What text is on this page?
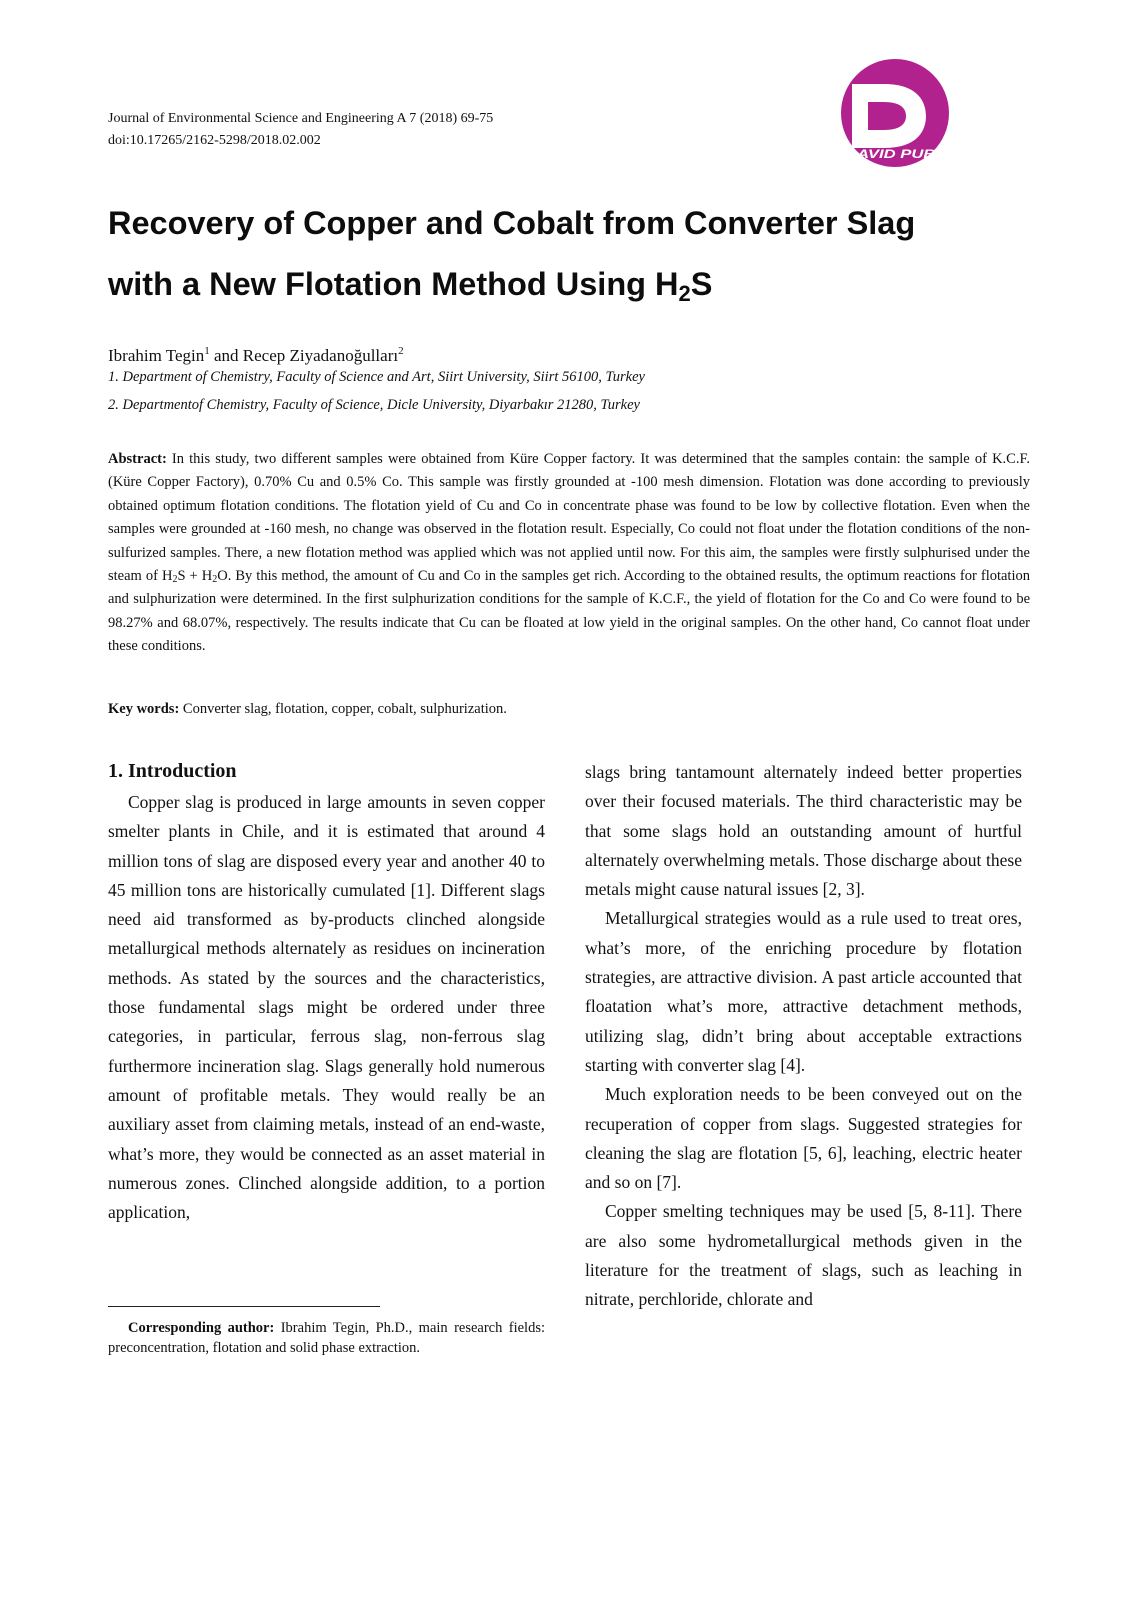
Journal of Environmental Science and Engineering A 7 (2018) 69-75
doi:10.17265/2162-5298/2018.02.002
DAVID PUBLISHING
Recovery of Copper and Cobalt from Converter Slag
with a New Flotation Method Using $H_2S$
Ibrahim Tegin$^1$ and Recep Ziyadanoğulları$^2$
1. Department of Chemistry, Faculty of Science and Art, Siirt University, Siirt 56100, Turkey
2. Departmentof Chemistry, Faculty of Science, Dicle University, Diyarbakır 21280, Turkey

Abstract: In this study, two different samples were obtained from Küre Copper factory. It was determined that the samples contain: the sample of K.C.F. (Küre Copper Factory), 0.70% Cu and 0.5% Co. This sample was firstly grounded at -100 mesh dimension. Flotation was done according to previously obtained optimum flotation conditions. The flotation yield of Cu and Co in concentrate phase was found to be low by collective flotation. Even when the samples were grounded at -160 mesh, no change was observed in the flotation result. Especially, Co could not float under the flotation conditions of the non-sulfurized samples. There, a new flotation method was applied which was not applied until now. For this aim, the samples were firstly sulphurised under the steam of $H_2S + H_2O$. By this method, the amount of Cu and Co in the samples get rich. According to the obtained results, the optimum reactions for flotation and sulphurization were determined. In the first sulphurization conditions for the sample of K.C.F., the yield of flotation for the Co and Co were found to be 98.27% and 68.07%, respectively. The results indicate that Cu can be floated at low yield in the original samples. On the other hand, Co cannot float under these conditions.

Key words: Converter slag, flotation, copper, cobalt, sulphurization.
1. Introduction

Copper slag is produced in large amounts in seven copper smelter plants in Chile, and it is estimated that around 4 million tons of slag are disposed every year and another 40 to 45 million tons are historically cumulated [1]. Different slags need aid transformed as by-products clinched alongside metallurgical methods alternately as residues on incineration methods. As stated by the sources and the characteristics, those fundamental slags might be ordered under three categories, in particular, ferrous slag, non-ferrous slag furthermore incineration slag. Slags generally hold numerous amount of profitable metals. They would really be an auxiliary asset from claiming metals, instead of an end-waste, what’s more, they would be connected as an asset material in numerous zones. Clinched alongside addition, to a portion application,

slags bring tantamount alternately indeed better properties over their focused materials. The third characteristic may be that some slags hold an outstanding amount of hurtful alternately overwhelming metals. Those discharge about these metals might cause natural issues [2, 3].

Metallurgical strategies would as a rule used to treat ores, what’s more, of the enriching procedure by flotation strategies, are attractive division. A past article accounted that floatation what’s more, attractive detachment methods, utilizing slag, didn’t bring about acceptable extractions starting with converter slag [4].

Much exploration needs to be been conveyed out on the recuperation of copper from slags. Suggested strategies for cleaning the slag are flotation [5, 6], leaching, electric heater and so on [7].

Copper smelting techniques may be used [5, 8-11]. There are also some hydrometallurgical methods given in the literature for the treatment of slags, such as leaching in nitrate, perchloride, chlorate and

Corresponding author: Ibrahim Tegin, Ph.D., main research fields: preconcentration, flotation and solid phase extraction.
